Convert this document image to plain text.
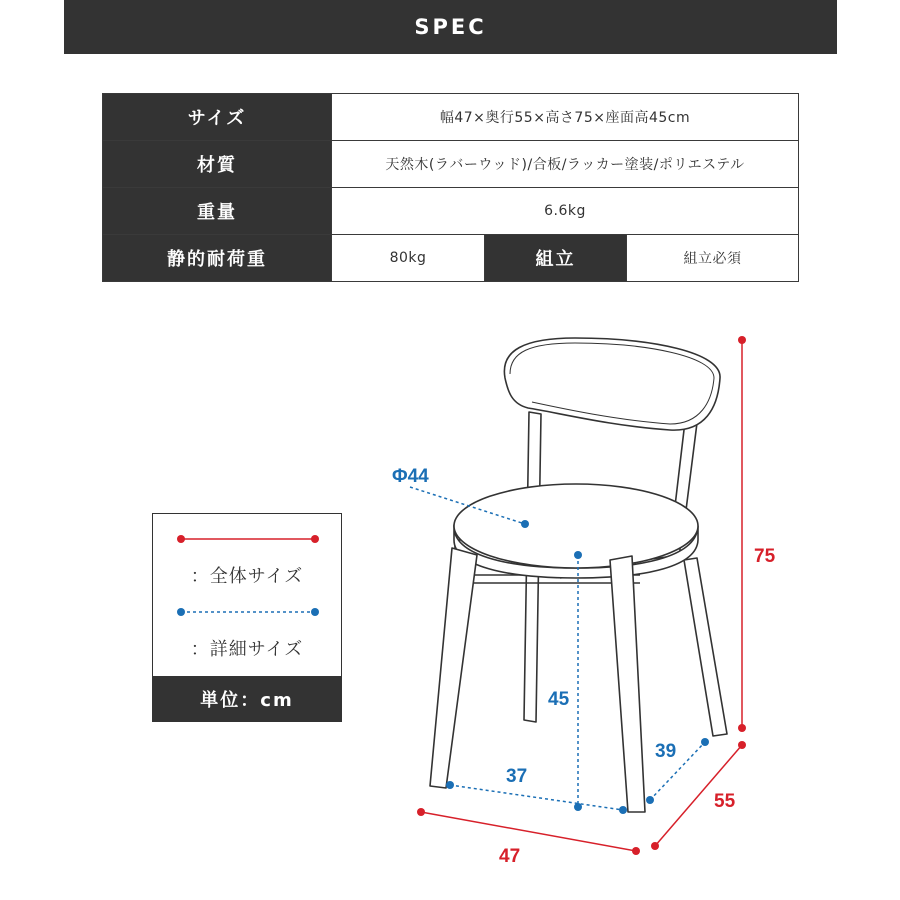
SPEC
サイズ	幅47×奥行55×高さ75×座面高45cm		
材質	天然木(ラバーウッド)/合板/ラッカー塗装/ポリエステル		
重量	6.6kg		
静的耐荷重	80kg	組立	組立必須
：全体サイズ
：詳細サイズ
単位：cm
Φ44
75
45
39
37
55
47
